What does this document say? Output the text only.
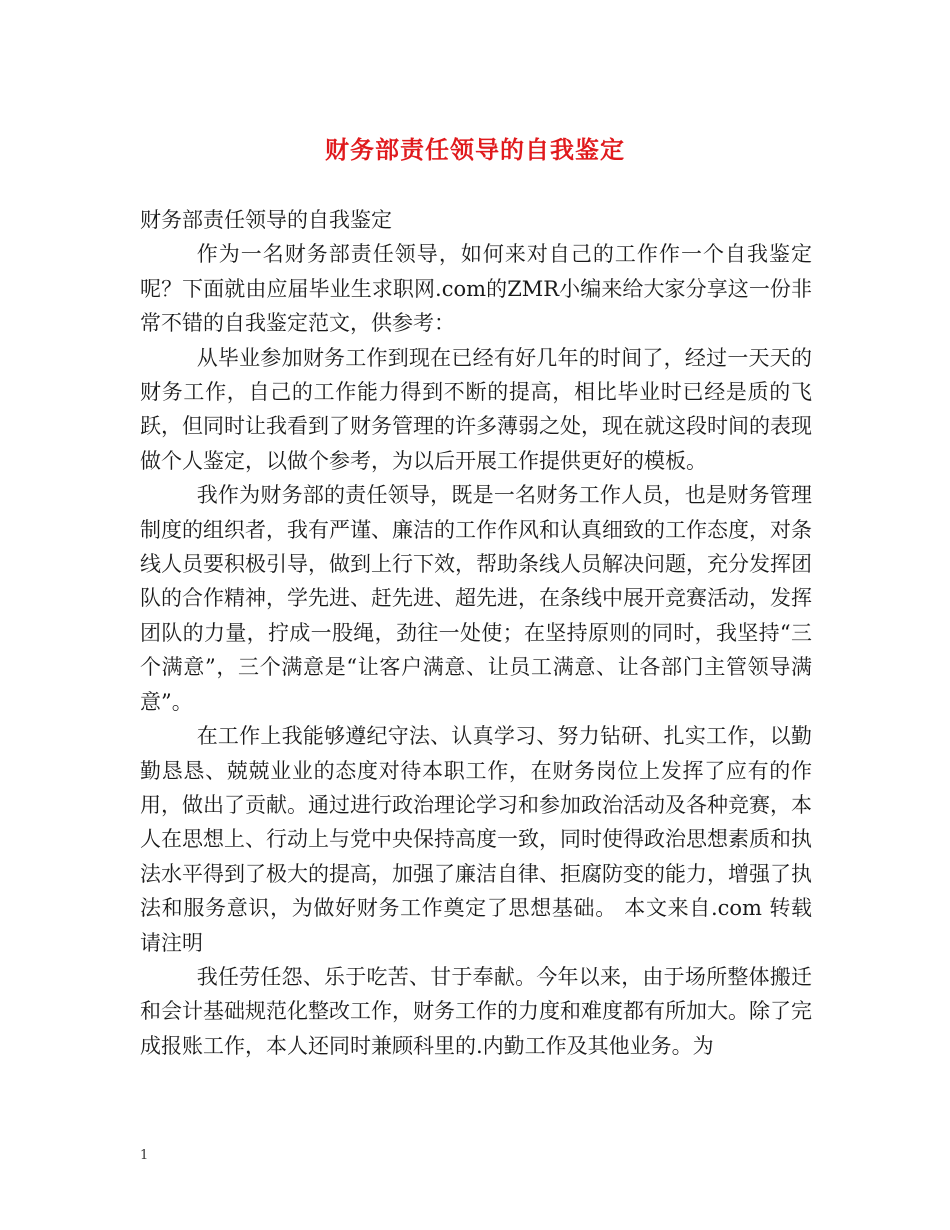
财务部责任领导的自我鉴定

财务部责任领导的自我鉴定

作为一名财务部责任领导，如何来对自己的工作作一个自我鉴定呢？下面就由应届毕业生求职网.com的ZMR小编来给大家分享这一份非常不错的自我鉴定范文，供参考：

从毕业参加财务工作到现在已经有好几年的时间了，经过一天天的财务工作，自己的工作能力得到不断的提高，相比毕业时已经是质的飞跃，但同时让我看到了财务管理的许多薄弱之处，现在就这段时间的表现做个人鉴定，以做个参考，为以后开展工作提供更好的模板。

我作为财务部的责任领导，既是一名财务工作人员，也是财务管理制度的组织者，我有严谨、廉洁的工作作风和认真细致的工作态度，对条线人员要积极引导，做到上行下效，帮助条线人员解决问题，充分发挥团队的合作精神，学先进、赶先进、超先进，在条线中展开竞赛活动，发挥团队的力量，拧成一股绳，劲往一处使；在坚持原则的同时，我坚持“三个满意”，三个满意是“让客户满意、让员工满意、让各部门主管领导满意”。

在工作上我能够遵纪守法、认真学习、努力钻研、扎实工作，以勤勤恳恳、兢兢业业的态度对待本职工作，在财务岗位上发挥了应有的作用，做出了贡献。通过进行政治理论学习和参加政治活动及各种竞赛，本人在思想上、行动上与党中央保持高度一致，同时使得政治思想素质和执法水平得到了极大的提高，加强了廉洁自律、拒腐防变的能力，增强了执法和服务意识，为做好财务工作奠定了思想基础。 本文来自.com 转载请注明

我任劳任怨、乐于吃苦、甘于奉献。今年以来，由于场所整体搬迁和会计基础规范化整改工作，财务工作的力度和难度都有所加大。除了完成报账工作，本人还同时兼顾科里的.内勤工作及其他业务。为

1
